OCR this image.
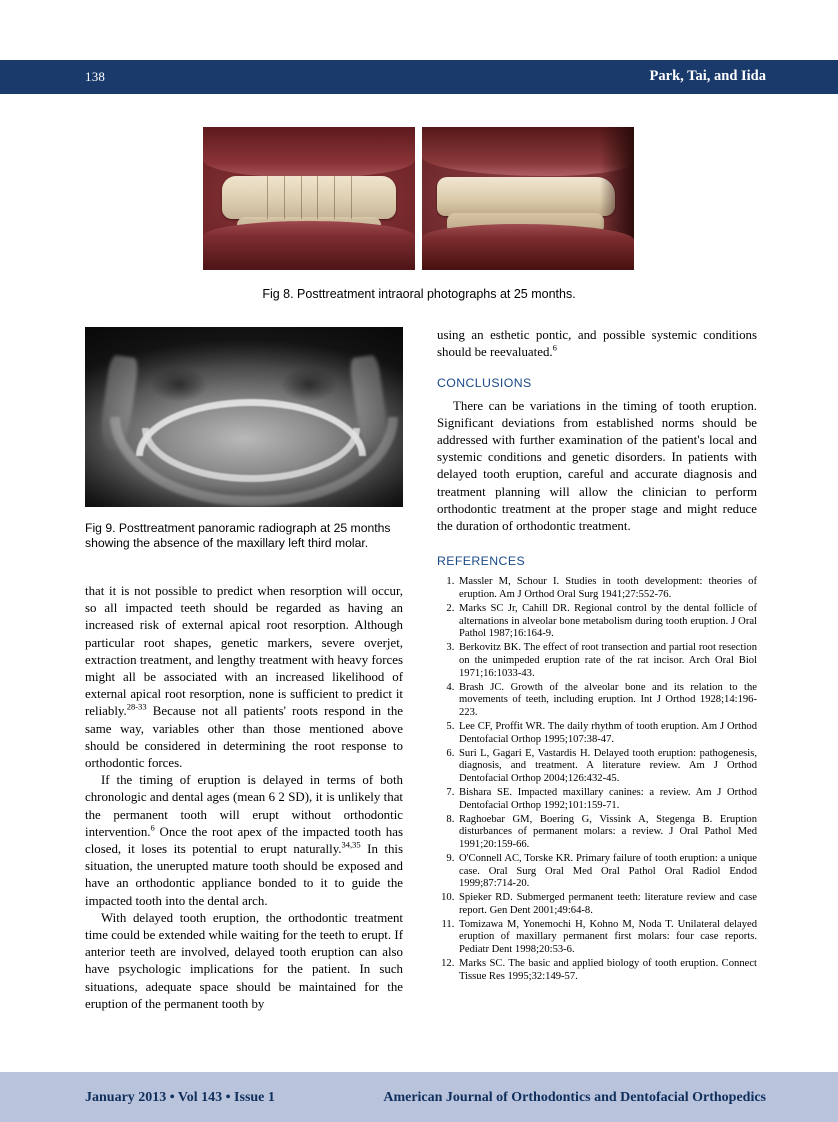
138	Park, Tai, and Iida
Fig 8. Posttreatment intraoral photographs at 25 months.
Fig 9. Posttreatment panoramic radiograph at 25 months showing the absence of the maxillary left third molar.

that it is not possible to predict when resorption will occur, so all impacted teeth should be regarded as having an increased risk of external apical root resorption. Although particular root shapes, genetic markers, severe overjet, extraction treatment, and lengthy treatment with heavy forces might all be associated with an increased likelihood of external apical root resorption, none is sufficient to predict it reliably.$^{28-33}$ Because not all patients' roots respond in the same way, variables other than those mentioned above should be considered in determining the root response to orthodontic forces.

If the timing of eruption is delayed in terms of both chronologic and dental ages (mean 6 2 SD), it is unlikely that the permanent tooth will erupt without orthodontic intervention.$^6$ Once the root apex of the impacted tooth has closed, it loses its potential to erupt naturally.$^{34,35}$ In this situation, the unerupted mature tooth should be exposed and have an orthodontic appliance bonded to it to guide the impacted tooth into the dental arch.

With delayed tooth eruption, the orthodontic treatment time could be extended while waiting for the teeth to erupt. If anterior teeth are involved, delayed tooth eruption can also have psychologic implications for the patient. In such situations, adequate space should be maintained for the eruption of the permanent tooth by

using an esthetic pontic, and possible systemic conditions should be reevaluated.$^6$

CONCLUSIONS

There can be variations in the timing of tooth eruption. Significant deviations from established norms should be addressed with further examination of the patient's local and systemic conditions and genetic disorders. In patients with delayed tooth eruption, careful and accurate diagnosis and treatment planning will allow the clinician to perform orthodontic treatment at the proper stage and might reduce the duration of orthodontic treatment.

REFERENCES
1. Massler M, Schour I. Studies in tooth development: theories of eruption. Am J Orthod Oral Surg 1941;27:552-76.
2. Marks SC Jr, Cahill DR. Regional control by the dental follicle of alternations in alveolar bone metabolism during tooth eruption. J Oral Pathol 1987;16:164-9.
3. Berkovitz BK. The effect of root transection and partial root resection on the unimpeded eruption rate of the rat incisor. Arch Oral Biol 1971;16:1033-43.
4. Brash JC. Growth of the alveolar bone and its relation to the movements of teeth, including eruption. Int J Orthod 1928;14:196-223.
5. Lee CF, Proffit WR. The daily rhythm of tooth eruption. Am J Orthod Dentofacial Orthop 1995;107:38-47.
6. Suri L, Gagari E, Vastardis H. Delayed tooth eruption: pathogenesis, diagnosis, and treatment. A literature review. Am J Orthod Dentofacial Orthop 2004;126:432-45.
7. Bishara SE. Impacted maxillary canines: a review. Am J Orthod Dentofacial Orthop 1992;101:159-71.
8. Raghoebar GM, Boering G, Vissink A, Stegenga B. Eruption disturbances of permanent molars: a review. J Oral Pathol Med 1991;20:159-66.
9. O'Connell AC, Torske KR. Primary failure of tooth eruption: a unique case. Oral Surg Oral Med Oral Pathol Oral Radiol Endod 1999;87:714-20.
10. Spieker RD. Submerged permanent teeth: literature review and case report. Gen Dent 2001;49:64-8.
11. Tomizawa M, Yonemochi H, Kohno M, Noda T. Unilateral delayed eruption of maxillary permanent first molars: four case reports. Pediatr Dent 1998;20:53-6.
12. Marks SC. The basic and applied biology of tooth eruption. Connect Tissue Res 1995;32:149-57.
January 2013 • Vol 143 • Issue 1	American Journal of Orthodontics and Dentofacial Orthopedics
